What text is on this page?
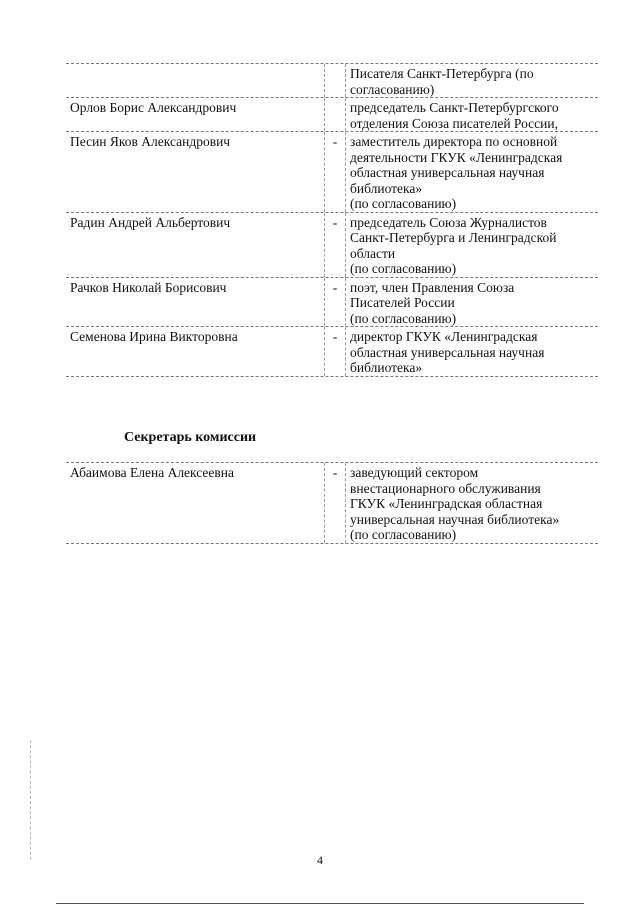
Писателя Санкт-Петербурга (по
согласованию)
Орлов Борис Александрович	председатель Санкт-Петербургского
отделения Союза писателей России,
Песин Яков Александрович	- заместитель директора по основной
деятельности ГКУК «Ленинградская
областная универсальная научная
библиотека»
(по согласованию)
Радин Андрей Альбертович	- председатель Союза Журналистов
Санкт-Петербурга и Ленинградской
области
(по согласованию)
Рачков Николай Борисович	- поэт, член Правления Союза
Писателей России
(по согласованию)
Семенова Ирина Викторовна	- директор ГКУК «Ленинградская
областная универсальная научная
библиотека»
Секретарь комиссии
Абаимова Елена Алексеевна	- заведующий сектором
внестационарного обслуживания
ГКУК «Ленинградская областная
универсальная научная библиотека»
(по согласованию)
4
